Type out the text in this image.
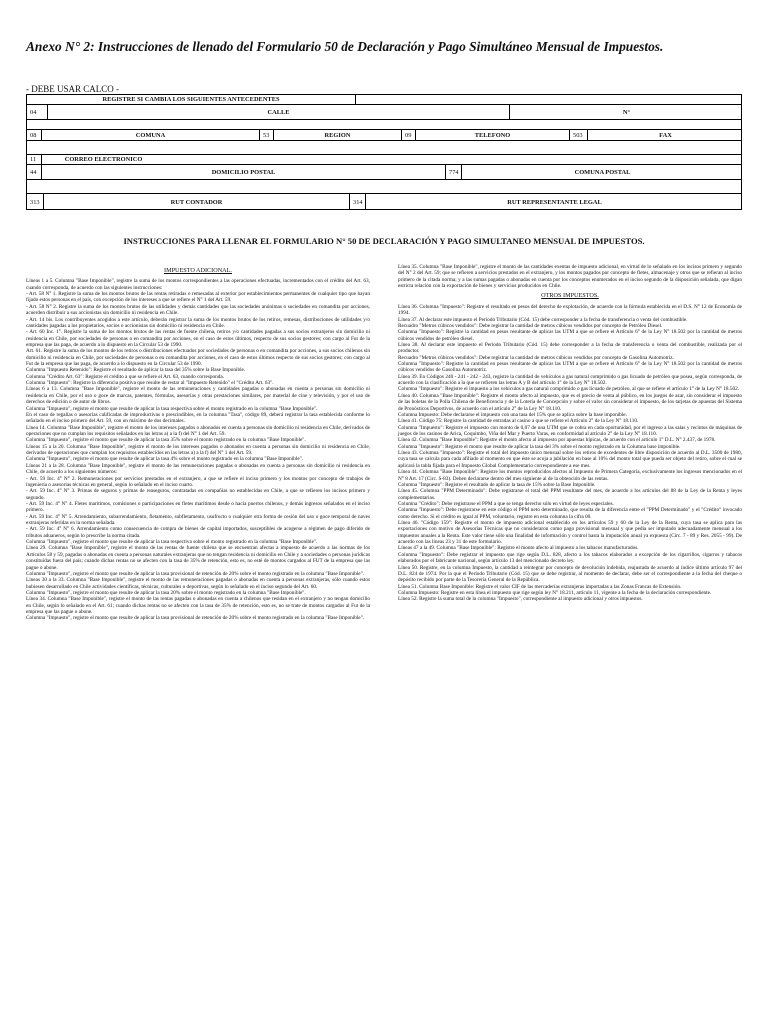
Anexo N° 2: Instrucciones de llenado del Formulario 50 de Declaración y Pago Simultáneo Mensual de Impuestos.
- DEBE USAR CALCO -
REGISTRE SI CAMBIA LOS SIGUIENTES ANTECEDENTES
04	CALLE	N°
08	COMUNA	53	REGION	09	TELEFONO	503	FAX
11	CORREO ELECTRONICO
44	DOMICILIO POSTAL	774	COMUNA POSTAL
313	RUT CONTADOR	314	RUT REPRESENTANTE LEGAL
INSTRUCCIONES PARA LLENAR EL FORMULARIO N° 50 DE DECLARACIÓN Y PAGO SIMULTANEO MENSUAL DE IMPUESTOS.

IMPUESTO ADICIONAL.

Líneas 1 a 5. Columna "Base Imponible", registre la suma de los montos correspondientes a las operaciones efectuadas, incrementados con el crédito del Art. 63, cuando corresponda, de acuerdo con las siguientes instrucciones:

- Art. 58 N° 1. Registre la suma de los montos brutos de las rentas retiradas o remesadas al exterior por establecimientos permanentes de cualquier tipo que hayan fijado estos personas en el país, con excepción de los intereses a que se refiere el N° 1 del Art. 59.

- Art. 58 N° 2. Registre la suma de los montos brutos de las utilidades y demás cantidades que las sociedades anónimas o sociedades en comandita por acciones, acuerden distribuir a sus accionistas sin domicilio ni residencia en Chile.

- Art. 14 bis. Los contribuyentes acogidos a este artículo, deberán registrar la suma de los montos brutos de los retiros, remesas, distribuciones de utilidades y/o cantidades pagadas a los propietarios, socios o accionistas sin domicilio ni residencia en Chile.

- Art. 60 Inc. 1°. Registre la suma de los montos brutos de las rentas de fuente chilena, retiros y/o cantidades pagadas a sus socios extranjeros sin domicilio ni residencia en Chile, por sociedades de personas o en comandita por acciones, en el caso de estos últimos, respecto de sus socios gestores; con cargo al Fut de la empresa que las paga, de acuerdo a lo dispuesto en la Circular 53 de 1990.

Art. 61. Registre la suma de los montos de los retiros o distribuciones efectuados por sociedades de personas o en comandita por acciones, a sus socios chilenos sin domicilio ni residencia en Chile, por sociedades de personas o en comandita por acciones, en el caso de estos últimos respecto de sus socios gestores; con cargo al Fut de la empresa que las paga, de acuerdo a lo dispuesto en la Circular 53 de 1990.

Columna "Impuesto Retenido": Registre el resultado de aplicar la tasa del 35% sobre la Base Imponible.

Columna "Crédito Art. 63": Registre el crédito a que se refiere el Art. 63, cuando corresponda.

Columna "Impuesto": Registre la diferencia positiva que resulte de restar al "Impuesto Retenido" el "Crédito Art. 63".

Líneas 6 a 13. Columna "Base Imponible", registre el monto de las remuneraciones y cantidades pagadas o abonadas en cuenta a personas sin domicilio ni residencia en Chile, por el uso o goce de marcas, patentes, fórmulas, asesorías y otras prestaciones similares, por material de cine y televisión, y por el uso de derechos de edición o de autor de libros.

Columna "Impuesto", registre el monto que resulte de aplicar la tasa respectiva sobre el monto registrado en la columna "Base Imponible".

En el caso de regalías o asesorías calificadas de improductivas o prescindibles, en la columna "Tasa", código 89, deberá registrar la tasa establecida conforme lo señalado en el inciso primero del Art. 59, con un máximo de dos decimales.

Línea 14. Columna "Base Imponible", registre el monto de los intereses pagados o abonados en cuenta a personas sin domicilio ni residencia en Chile, derivados de operaciones que no cumplan los requisitos señalados en las letras a) a la f) del N° 1 del Art. 59.

Columna "Impuesto", registre el monto que resulte de aplicar la tasa 35% sobre el monto registrado en la columna "Base Imponible".

Líneas 15 a la 20. Columna "Base Imponible", registre el monto de los intereses pagados o abonados en cuenta a personas sin domicilio ni residencia en Chile, derivados de operaciones que cumplan los requisitos establecidos en las letras a) a la f) del N° 1 del Art. 59.

Columna "Impuesto", registre el monto que resulte de aplicar la tasa 4% sobre el monto registrado en la columna "Base Imponible".

Líneas 21 a la 28. Columna "Base Imponible", registre el monto de las remuneraciones pagadas o abonadas en cuenta a personas sin domicilio ni residencia en Chile, de acuerdo a los siguientes números:

- Art. 59 Inc. 4° N° 2. Remuneraciones por servicios prestados en el extranjero, a que se refiere el inciso primero y los montos por concepto de trabajos de ingeniería o asesorías técnicas en general, según lo señalado en el inciso cuarto.

- Art. 59 Inc. 4° N° 3. Primas de seguros y primas de reaseguros, contratadas en compañías no establecidas en Chile, a que se refieren los incisos primero y segundo.

- Art. 59 Inc. 4° N° 4. Fletes marítimos, comisiones o participaciones en fletes marítimos desde o hacia puertos chilenos, y demás ingresos señalados en el inciso primero.

- Art. 59 Inc. 4° N° 5. Arrendamiento, subarrendamiento, fletamento, subfletamento, usufructo o cualquier otra forma de cesión del uso o goce temporal de naves extranjeras referidas en la norma señalada.

- Art. 59 Inc. 4° N° 6. Arrendamiento como consecuencia de compra de bienes de capital importados, susceptibles de acogerse a régimen de pago diferido de tributos aduaneros, según lo prescribe la norma citada.

Columna "Impuesto", registre el monto que resulte de aplicar la tasa respectiva sobre el monto registrado en la columna "Base Imponible".

Línea 29. Columna "Base Imponible", registre el monto de las rentas de fuente chilena que se encuentran afectas a impuesto de acuerdo a las normas de los Artículos 58 y 59, pagadas o abonadas en cuenta a personas naturales extranjeras que no tengan residencia ni domicilio en Chile y a sociedades o personas jurídicas constituidas fuera del país; cuando dichas rentas no se afecten con la tasa de 35% de retención, esto es, no esté de montos cargados al FUT de la empresa que las pague o abone.

Columna "Impuesto", registre el monto que resulte de aplicar la tasa provisional de retención de 20% sobre el monto registrado en la columna "Base Imponible".

Líneas 30 a la 33. Columna "Base Imponible", registre el monto de las remuneraciones pagadas o abonadas en cuenta a personas extranjeras, sólo cuando estos hubiesen desarrollado en Chile actividades científicas, técnicas, culturales o deportivas, según lo señalado en el inciso segundo del Art. 60.

Columna "Impuesto", registre el monto que resulte de aplicar la tasa 20% sobre el monto registrado en la columna "Base Imponible".

Línea 34. Columna "Base Imponible", registre el monto de las rentas pagadas o abonadas en cuenta a chilenos que residan en el extranjero y no tengan domicilio en Chile, según lo señalado en el Art. 61; cuando dichas rentas no se afecten con la tasa de 35% de retención, esto es, no se trate de montos cargados al Fut de la empresa que las pague o abone.

Columna "Impuesto", registre el monto que resulte de aplicar la tasa provisional de retención de 20% sobre el monto registrado en la columna "Base Imponible".

Línea 35. Columna "Base Imponible", registre el monto de las cantidades exentas de impuesto adicional, en virtud de lo señalado en los incisos primero y segundo del N° 2 del Art. 59; que se refieren a servicios prestados en el extranjero, y los montos pagados por concepto de fletes, almacenaje y otros que se refieran al inciso primero de la citada norma; y a las sumas pagadas o abonadas en cuenta por los conceptos enumerados en el inciso segundo de la disposición señalada, que digan estricta relación con la exportación de bienes y servicios producidos en Chile.

OTROS IMPUESTOS.

Línea 36. Columna "Impuesto": Registre el resultado en pesos del derecho de explotación, de acuerdo con la fórmula establecida en el D.S. N° 12 de Economía de 1994.

Línea 37. Al declarar este impuesto el Período Tributario (Cód. 15) debe corresponder a la fecha de transferencia o venta del combustible.

Recuadro "Metros cúbicos vendidos": Debe registrar la cantidad de metros cúbicos vendidos por concepto de Petróleo Diesel.

Columna "Impuesto": Registre la cantidad en pesos resultante de aplicar las UTM a que se refiere el Artículo 6° de la Ley N° 18.502 por la cantidad de metros cúbicos vendidos de petróleo diesel.

Línea 38. Al declarar este impuesto el Período Tributario (Cód. 15) debe corresponder a la fecha de transferencia o venta del combustible, realizada por el productor.

Recuadro "Metros cúbicos vendidos": Debe registrar la cantidad de metros cúbicos vendidos por concepto de Gasolina Automotriz.

Columna "Impuesto": Registre la cantidad en pesos resultante de aplicar las UTM a que se refiere el Artículo 6° de la Ley N° 18.502 por la cantidad de metros cúbicos vendidos de Gasolina Automotriz.

Línea 39. En Códigos 240 - 241 - 242 - 243, registre la cantidad de vehículos a gas natural comprimido o gas licuado de petróleo que posea, según corresponda, de acuerdo con la clasificación a la que se refieren las letras A y B del artículo 1° de la Ley N° 18.502.

Columna "Impuesto": Registre el impuesto a los vehículos a gas natural comprimido o gas licuado de petróleo, al que se refiere el artículo 1° de la Ley N° 18.502.

Línea 40. Columna "Base Imponible": Registre el monto afecto al impuesto, que es el precio de venta al público, en los juegos de azar, sin considerar el impuesto de las boletas de la Polla Chilena de Beneficencia y de la Lotería de Concepción y sobre el valor sin considerar el impuesto, de los tarjetas de apuestas del Sistema de Pronósticos Deportivos, de acuerdo con el artículo 2° de la Ley N° 18.110.

Columna Impuesto: Debe declararse el impuesto con una tasa del 15% que se aplica sobre la base imponible.

Línea 41. Código 75: Registre la cantidad de entradas al casino a que se refiere el Artículo 2° de la Ley N° 18.110.

Columna "Impuesto": Registre el impuesto con monto de 0,07 de una UTM que se cobra en cada oportunidad, por el ingreso a las salas y recintos de máquinas de juegos de los casinos de Arica, Coquimbo, Viña del Mar y Puerto Varas, en conformidad al artículo 2° de la Ley N° 18.110.

Línea 42. Columna "Base Imponible": Registre el monto afecto al impuesto por apuestas hípicas, de acuerdo con el artículo 1° D.L. N° 2.437, de 1978.

Columna "Impuesto": Registre el monto que resulte de aplicar la tasa del 3% sobre el monto registrado en la Columna base imponible.

Línea 43. Columna "Impuesto": Registre el total del impuesto único mensual sobre los retiros de excedentes de libre disposición de acuerdo al D.L. 3500 de 1980, cuya tasa se calcula para cada afiliado al momento en que éste se acoja a jubilación en base al 10% del monto total que pueda ser objeto del retiro, sobre el cual se aplicará la tabla fijada para el Impuesto Global Complementario correspondiente a ese mes.

Línea 44. Columna "Base Imponible": Registre los montos reproducidos afectos al Impuesto de Primera Categoría, exclusivamente los ingresos mencionados en el N° 8 Art. 17 (Circ. S-83). Deben declararse dentro del mes siguiente al de la obtención de las rentas.

Columna "Impuesto": Registre el resultado de aplicar la tasa de 15% sobre la Base Imponible.

Línea 45. Columna "PPM Determinado": Debe registrarse el total del PPM resultante del mes, de acuerdo a los artículos del 88 de la Ley de la Renta y leyes complementarias.

Columna "Crédito": Debe registrarse el PPM a que se tenga derecho sólo en virtud de leyes especiales.

Columna "Impuesto": Debe registrarse en este código el PPM neto determinado, que resulta de la diferencia entre el "PPM Determinado" y el "Crédito" invocado como derecho. Si el crédito es igual al PPM, voluntario, registre en esta columna la cifra 00.

Línea 46. "Código 159": Registre el monto de impuesto adicional establecido en los artículos 59 y 60 de la Ley de la Renta, cuya tasa se aplica para las exportaciones con motivo de Asesorías Técnicas que no consideraron como pago provisional mensual y que pedía ser imputado adecuadamente mensual a los impuestos anuales a la Renta. Este valor tiene sólo una finalidad de información y control hasta la imputación anual ya expuesta (Circ. 7 - 89 y Res. 2055 - 99). De acuerdo con las líneas 23 y 31 de este formulario.

Líneas 47 a la 49. Columna "Base Imponible": Registre el monto afecto al impuesto a los tabacos manufacturados.

Columna "Impuesto": Debe registrar el impuesto que rige según D.L. 828, afecto a los tabacos elaborados a excepción de los cigarrillos, cigarros y tabacos elaborados por el fabricante nacional, según artículo 13 del mencionado decreto ley.

Línea 50. Registre, en la columna Impuesto, la cantidad a reintegrar por concepto de devolución indebida, reajustada de acuerdo al índice último artículo 97 del D.L. 824 de 1974. Por la que el Período Tributario (Cód. 15) que se debe registrar, al momento de declarar, debe ser el correspondiente a la fecha del cheque o depósito recibido por parte de la Tesorería General de la República.

Línea 51. Columna Base Imponible: Registre el valor CIF de las mercaderías extranjeras importadas a las Zonas Francas de Extensión.

Columna Impuesto: Registre en esta línea el impuesto que rige según ley N° 18.211, artículo 11, vigente a la fecha de la declaración correspondiente.

Línea 52. Registre la suma total de la columna "Impuesto", correspondiente al impuesto adicional y otros impuestos.
